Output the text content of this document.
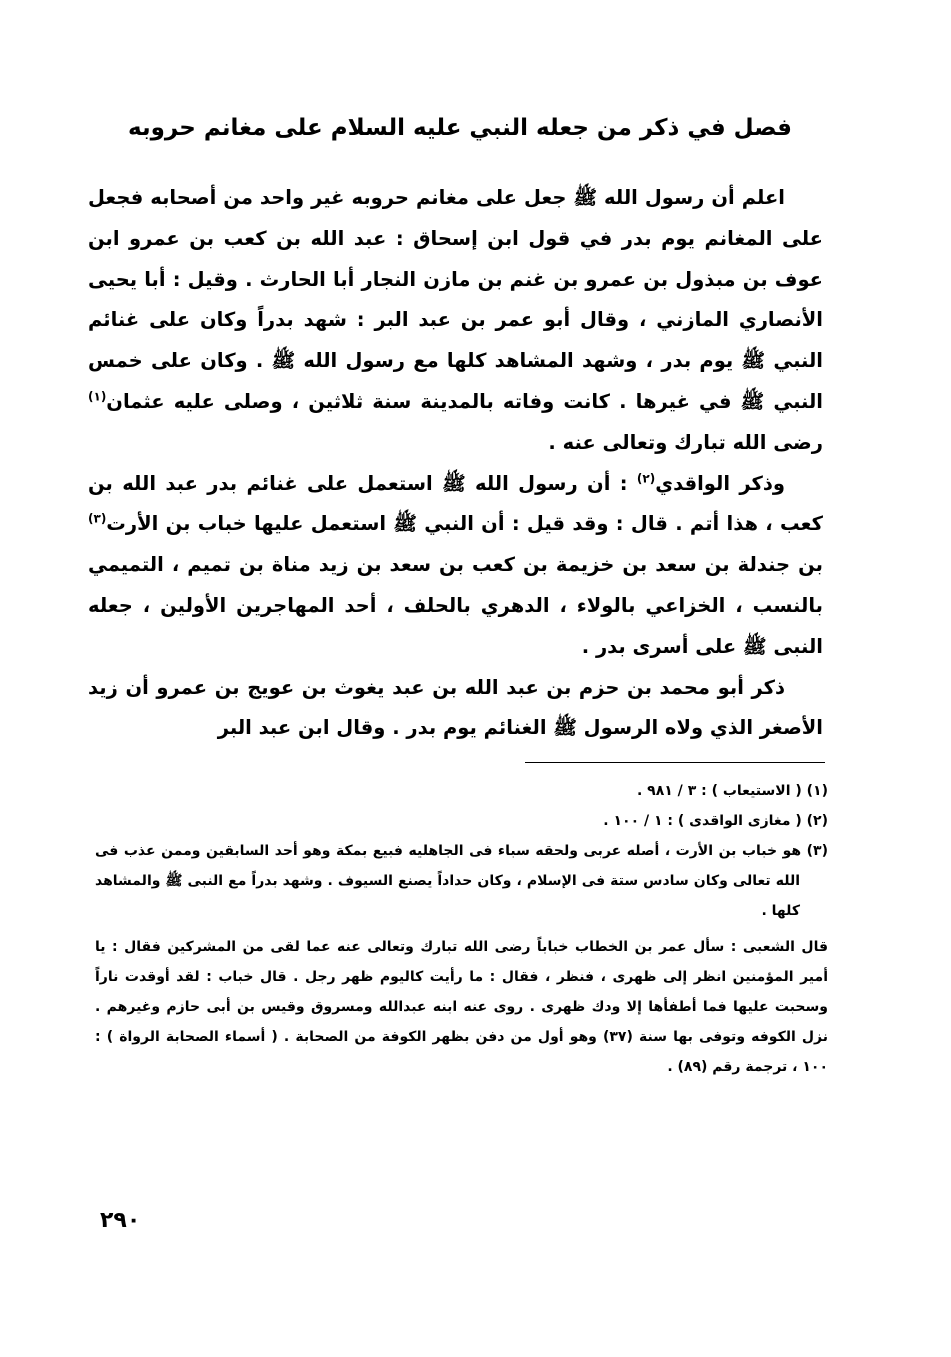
فصل في ذكر من جعله النبي عليه السلام على مغانم حروبه

اعلم أن رسول الله ﷺ جعل على مغانم حروبه غير واحد من أصحابه فجعل على المغانم يوم بدر في قول ابن إسحاق : عبد الله بن كعب بن عمرو ابن عوف بن مبذول بن عمرو بن غنم بن مازن النجار أبا الحارث . وقيل : أبا يحيى الأنصاري المازني ، وقال أبو عمر بن عبد البر : شهد بدراً وكان على غنائم النبي ﷺ يوم بدر ، وشهد المشاهد كلها مع رسول الله ﷺ . وكان على خمس النبي ﷺ في غيرها . كانت وفاته بالمدينة سنة ثلاثين ، وصلى عليه عثمان$^{(١)}$ رضى الله تبارك وتعالى عنه .

وذكر الواقدي$^{(٢)}$ : أن رسول الله ﷺ استعمل على غنائم بدر عبد الله بن كعب ، هذا أتم . قال : وقد قيل : أن النبي ﷺ استعمل عليها خباب بن الأرت$^{(٣)}$ بن جندلة بن سعد بن خزيمة بن كعب بن سعد بن زيد مناة بن تميم ، التميمي بالنسب ، الخزاعي بالولاء ، الدهري بالحلف ، أحد المهاجرين الأولين ، جعله النبى ﷺ على أسرى بدر .

ذكر أبو محمد بن حزم بن عبد الله بن عبد يغوث بن عويج بن عمرو أن زيد الأصغر الذي ولاه الرسول ﷺ الغنائم يوم بدر . وقال ابن عبد البر

(١) ( الاستيعاب ) : ٣ / ٩٨١ .

(٢) ( مغازى الواقدى ) : ١ / ١٠٠ .

(٣) هو خباب بن الأرت ، أصله عربى ولحقه سباء فى الجاهليه فبيع بمكة وهو أحد السابقين وممن عذب فى الله تعالى وكان سادس ستة فى الإسلام ، وكان حداداً يصنع السيوف . وشهد بدراً مع النبى ﷺ والمشاهد كلها .

قال الشعبى : سأل عمر بن الخطاب خباباً رضى الله تبارك وتعالى عنه عما لقى من المشركين فقال : يا أمير المؤمنين انظر إلى ظهرى ، فنظر ، فقال : ما رأيت كاليوم ظهر رجل . قال خباب : لقد أوقدت ناراً وسحبت عليها فما أطفأها إلا ودك ظهرى . روى عنه ابنه عبدالله ومسروق وقيس بن أبى حازم وغيرهم . نزل الكوفه وتوفى بها سنة (٣٧) وهو أول من دفن بظهر الكوفة من الصحابة . ( أسماء الصحابة الرواة ) : ١٠٠ ، ترجمة رقم (٨٩) .

٢٩٠
